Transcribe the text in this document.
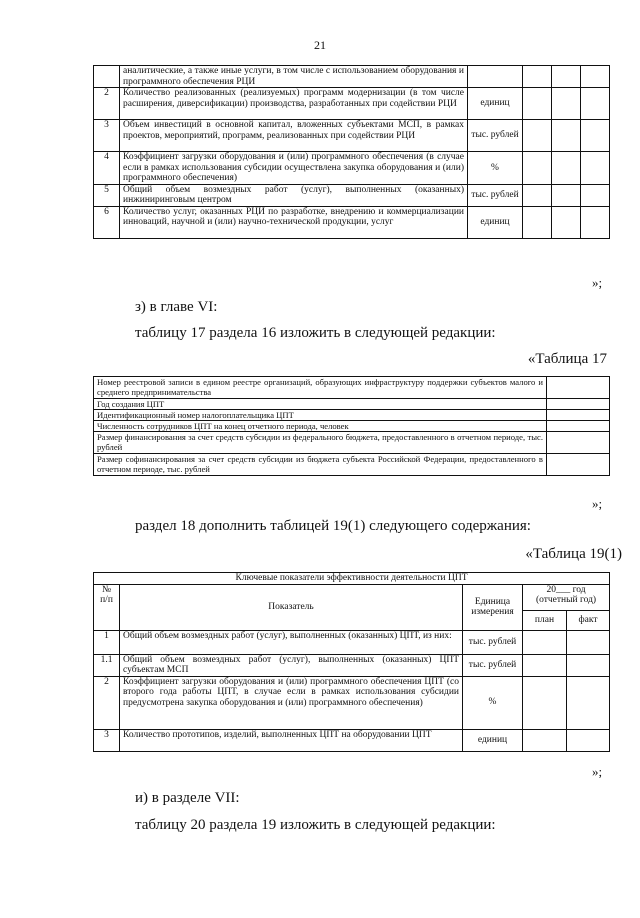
21
	аналитические, а также иные услуги, в том числе с использованием оборудования и программного обеспечения РЦИ				
2	Количество реализованных (реализуемых) программ модернизации (в том числе расширения, диверсификации) производства, разработанных при содействии РЦИ	единиц			
3	Объем инвестиций в основной капитал, вложенных субъектами МСП, в рамках проектов, мероприятий, программ, реализованных при содействии РЦИ	тыс. рублей			
4	Коэффициент загрузки оборудования и (или) программного обеспечения (в случае если в рамках использования субсидии осуществлена закупка оборудования и (или) программного обеспечения)	%			
5	Общий объем возмездных работ (услуг), выполненных (оказанных) инжиниринговым центром	тыс. рублей			
6	Количество услуг, оказанных РЦИ по разработке, внедрению и коммерциализации инноваций, научной и (или) научно-технической продукции, услуг	единиц			
»;
з) в главе VI:
таблицу 17 раздела 16 изложить в следующей редакции:
«Таблица 17
Номер реестровой записи в едином реестре организаций, образующих инфраструктуру поддержки субъектов малого и среднего предпринимательства	
Год создания ЦПТ	
Идентификационный номер налогоплательщика ЦПТ	
Численность сотрудников ЦПТ на конец отчетного периода, человек	
Размер финансирования за счет средств субсидии из федерального бюджета, предоставленного в отчетном периоде, тыс. рублей	
Размер софинансирования за счет средств субсидии из бюджета субъекта Российской Федерации, предоставленного в отчетном периоде, тыс. рублей	
»;
раздел 18 дополнить таблицей 19(1) следующего содержания:
«Таблица 19(1)
Ключевые показатели эффективности деятельности ЦПТ				
№ п/п	Показатель	Единица измерения	20___ год (отчетный год)	
			план	факт
1	Общий объем возмездных работ (услуг), выполненных (оказанных) ЦПТ, из них:	тыс. рублей		
1.1	Общий объем возмездных работ (услуг), выполненных (оказанных) ЦПТ субъектам МСП	тыс. рублей		
2	Коэффициент загрузки оборудования и (или) программного обеспечения ЦПТ (со второго года работы ЦПТ, в случае если в рамках использования субсидии предусмотрена закупка оборудования и (или) программного обеспечения)	%		
3	Количество прототипов, изделий, выполненных ЦПТ на оборудовании ЦПТ	единиц		
»;
и) в разделе VII:
таблицу 20 раздела 19 изложить в следующей редакции:
